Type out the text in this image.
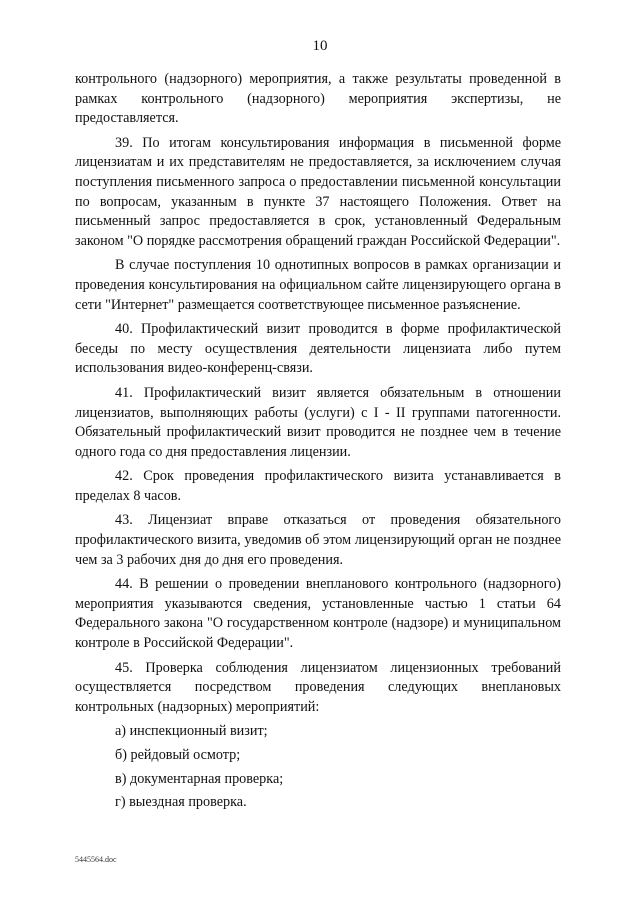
10

контрольного (надзорного) мероприятия, а также результаты проведенной в рамках контрольного (надзорного) мероприятия экспертизы, не предоставляется.

39. По итогам консультирования информация в письменной форме лицензиатам и их представителям не предоставляется, за исключением случая поступления письменного запроса о предоставлении письменной консультации по вопросам, указанным в пункте 37 настоящего Положения. Ответ на письменный запрос предоставляется в срок, установленный Федеральным законом "О порядке рассмотрения обращений граждан Российской Федерации".

В случае поступления 10 однотипных вопросов в рамках организации и проведения консультирования на официальном сайте лицензирующего органа в сети "Интернет" размещается соответствующее письменное разъяснение.

40. Профилактический визит проводится в форме профилактической беседы по месту осуществления деятельности лицензиата либо путем использования видео-конференц-связи.

41. Профилактический визит является обязательным в отношении лицензиатов, выполняющих работы (услуги) с I - II группами патогенности. Обязательный профилактический визит проводится не позднее чем в течение одного года со дня предоставления лицензии.

42. Срок проведения профилактического визита устанавливается в пределах 8 часов.

43. Лицензиат вправе отказаться от проведения обязательного профилактического визита, уведомив об этом лицензирующий орган не позднее чем за 3 рабочих дня до дня его проведения.

44. В решении о проведении внепланового контрольного (надзорного) мероприятия указываются сведения, установленные частью 1 статьи 64 Федерального закона "О государственном контроле (надзоре) и муниципальном контроле в Российской Федерации".

45. Проверка соблюдения лицензиатом лицензионных требований осуществляется посредством проведения следующих внеплановых контрольных (надзорных) мероприятий:

а) инспекционный визит;

б) рейдовый осмотр;

в) документарная проверка;

г) выездная проверка.

5445564.doc
